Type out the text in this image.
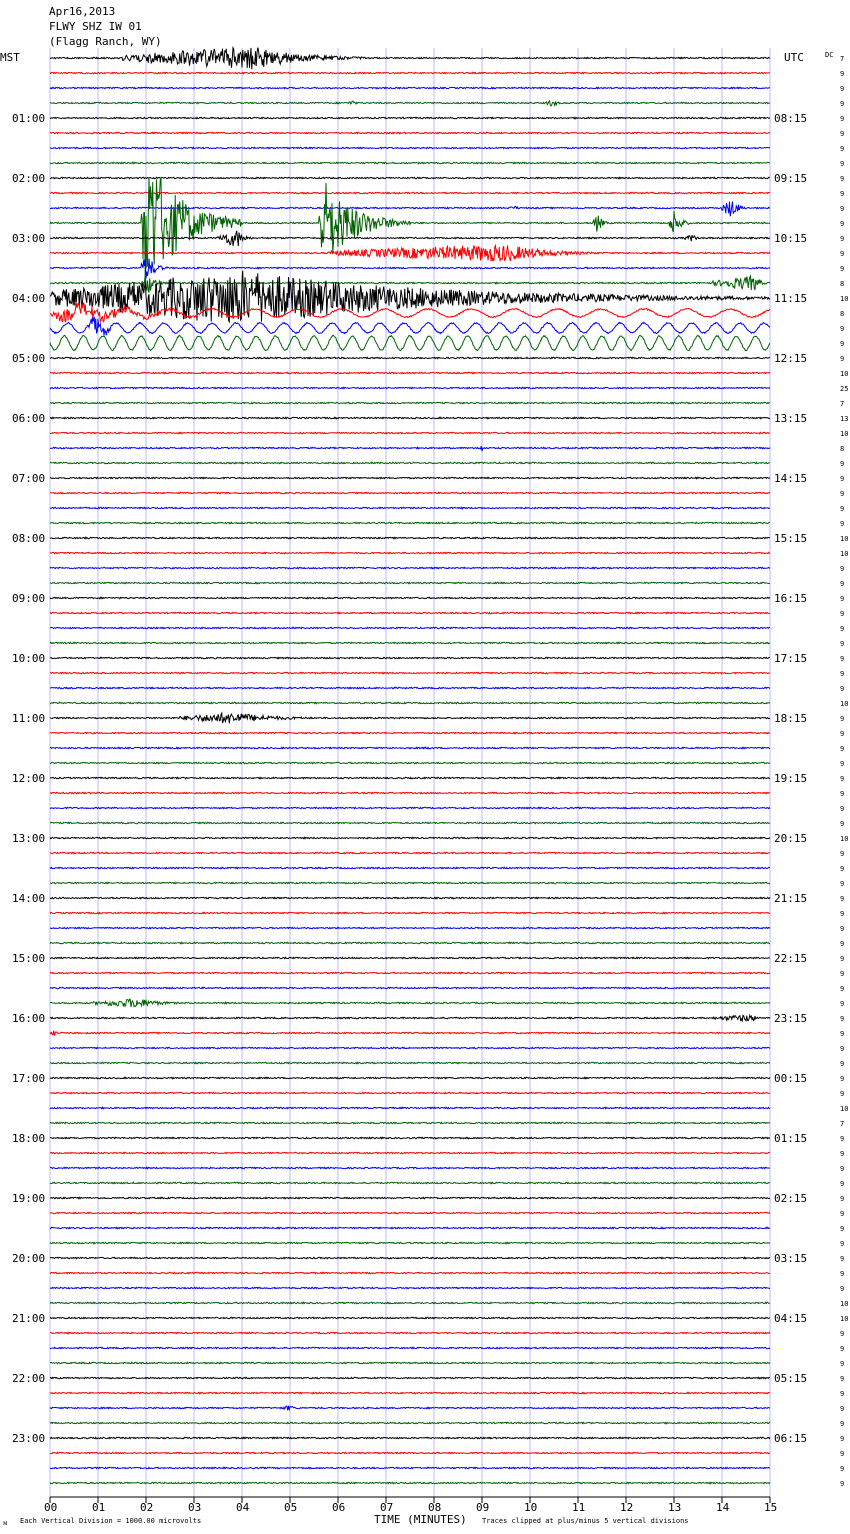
Apr16,2013
FLWY SHZ IW 01
(Flagg Ranch, WY)
MST	UTC	DC 7
9
9
9
9
9
9
9
9
9
9
9
9
9
9
8
10
8
9
9
9
10
25
7
13
10
8
9
9
9
9
9
10
10
9
9
9
9
9
9
9
9
9
10
9
9
9
9
9
9
9
9
10
9
9
9
9
9
9
9
9
9
9
9
9
9
9
9
9
9
10
7
9
9
9
9
9
9
9
9
9
9
9
10
10
9
9
9
9
9
9
9
9
9
9
9
01:00
02:00
03:00
04:00
05:00
06:00
07:00
08:00
09:00
10:00
11:00
12:00
13:00
14:00
15:00
16:00
17:00
18:00
19:00
20:00
21:00
22:00
23:00
08:15
09:15
10:15
11:15
12:15
13:15
14:15
15:15
16:15
17:15
18:15
19:15
20:15
21:15
22:15
23:15
00:15
01:15
02:15
03:15
04:15
05:15
06:15
00	01	02	03	04	05	06	07	08	09	10	11	12	13	14	15
ᴍ Each Vertical Division = 1000.00 microvolts	TIME (MINUTES) Traces clipped at plus/minus 5 vertical divisions
